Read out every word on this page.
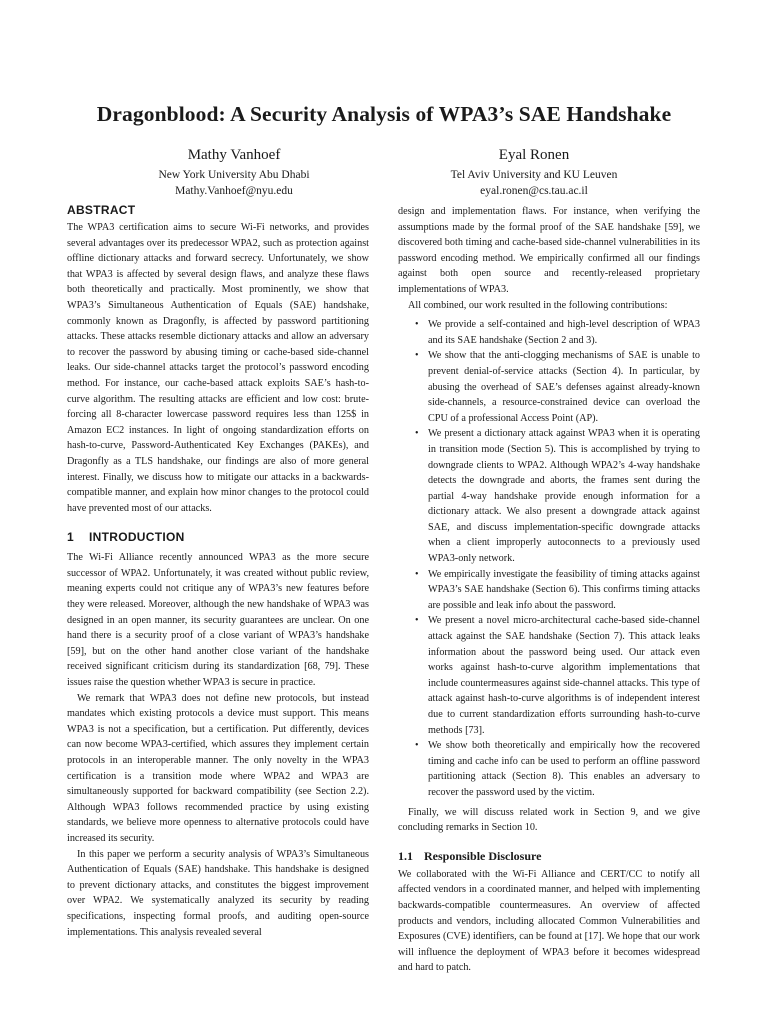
Dragonblood: A Security Analysis of WPA3’s SAE Handshake
Mathy Vanhoef
New York University Abu Dhabi
Mathy.Vanhoef@nyu.edu
Eyal Ronen
Tel Aviv University and KU Leuven
eyal.ronen@cs.tau.ac.il
ABSTRACT

The WPA3 certification aims to secure Wi-Fi networks, and provides several advantages over its predecessor WPA2, such as protection against offline dictionary attacks and forward secrecy. Unfortunately, we show that WPA3 is affected by several design flaws, and analyze these flaws both theoretically and practically. Most prominently, we show that WPA3’s Simultaneous Authentication of Equals (SAE) handshake, commonly known as Dragonfly, is affected by password partitioning attacks. These attacks resemble dictionary attacks and allow an adversary to recover the password by abusing timing or cache-based side-channel leaks. Our side-channel attacks target the protocol’s password encoding method. For instance, our cache-based attack exploits SAE’s hash-to-curve algorithm. The resulting attacks are efficient and low cost: brute-forcing all 8-character lowercase password requires less than 125$ in Amazon EC2 instances. In light of ongoing standardization efforts on hash-to-curve, Password-Authenticated Key Exchanges (PAKEs), and Dragonfly as a TLS handshake, our findings are also of more general interest. Finally, we discuss how to mitigate our attacks in a backwards-compatible manner, and explain how minor changes to the protocol could have prevented most of our attacks.

1 INTRODUCTION

The Wi-Fi Alliance recently announced WPA3 as the more secure successor of WPA2. Unfortunately, it was created without public review, meaning experts could not critique any of WPA3’s new features before they were released. Moreover, although the new handshake of WPA3 was designed in an open manner, its security guarantees are unclear. On one hand there is a security proof of a close variant of WPA3’s handshake [59], but on the other hand another close variant of the handshake received significant criticism during its standardization [68, 79]. These issues raise the question whether WPA3 is secure in practice.

We remark that WPA3 does not define new protocols, but instead mandates which existing protocols a device must support. This means WPA3 is not a specification, but a certification. Put differently, devices can now become WPA3-certified, which assures they implement certain protocols in an interoperable manner. The only novelty in the WPA3 certification is a transition mode where WPA2 and WPA3 are simultaneously supported for backward compatibility (see Section 2.2). Although WPA3 follows recommended practice by using existing standards, we believe more openness to alternative protocols could have increased its security.

In this paper we perform a security analysis of WPA3’s Simultaneous Authentication of Equals (SAE) handshake. This handshake is designed to prevent dictionary attacks, and constitutes the biggest improvement over WPA2. We systematically analyzed its security by reading specifications, inspecting formal proofs, and auditing open-source implementations. This analysis revealed several

design and implementation flaws. For instance, when verifying the assumptions made by the formal proof of the SAE handshake [59], we discovered both timing and cache-based side-channel vulnerabilities in its password encoding method. We empirically confirmed all our findings against both open source and recently-released proprietary implementations of WPA3.

All combined, our work resulted in the following contributions:

• We provide a self-contained and high-level description of WPA3 and its SAE handshake (Section 2 and 3).

• We show that the anti-clogging mechanisms of SAE is unable to prevent denial-of-service attacks (Section 4). In particular, by abusing the overhead of SAE’s defenses against already-known side-channels, a resource-constrained device can overload the CPU of a professional Access Point (AP).

• We present a dictionary attack against WPA3 when it is operating in transition mode (Section 5). This is accomplished by trying to downgrade clients to WPA2. Although WPA2’s 4-way handshake detects the downgrade and aborts, the frames sent during the partial 4-way handshake provide enough information for a dictionary attack. We also present a downgrade attack against SAE, and discuss implementation-specific downgrade attacks when a client improperly autoconnects to a previously used WPA3-only network.

• We empirically investigate the feasibility of timing attacks against WPA3’s SAE handshake (Section 6). This confirms timing attacks are possible and leak info about the password.

• We present a novel micro-architectural cache-based side-channel attack against the SAE handshake (Section 7). This attack leaks information about the password being used. Our attack even works against hash-to-curve algorithm implementations that include countermeasures against side-channel attacks. This type of attack against hash-to-curve algorithms is of independent interest due to current standardization efforts surrounding hash-to-curve methods [73].

• We show both theoretically and empirically how the recovered timing and cache info can be used to perform an offline password partitioning attack (Section 8). This enables an adversary to recover the password used by the victim.

Finally, we will discuss related work in Section 9, and we give concluding remarks in Section 10.

1.1 Responsible Disclosure

We collaborated with the Wi-Fi Alliance and CERT/CC to notify all affected vendors in a coordinated manner, and helped with implementing backwards-compatible countermeasures. An overview of affected products and vendors, including allocated Common Vulnerabilities and Exposures (CVE) identifiers, can be found at [17]. We hope that our work will influence the deployment of WPA3 before it becomes widespread and hard to patch.
